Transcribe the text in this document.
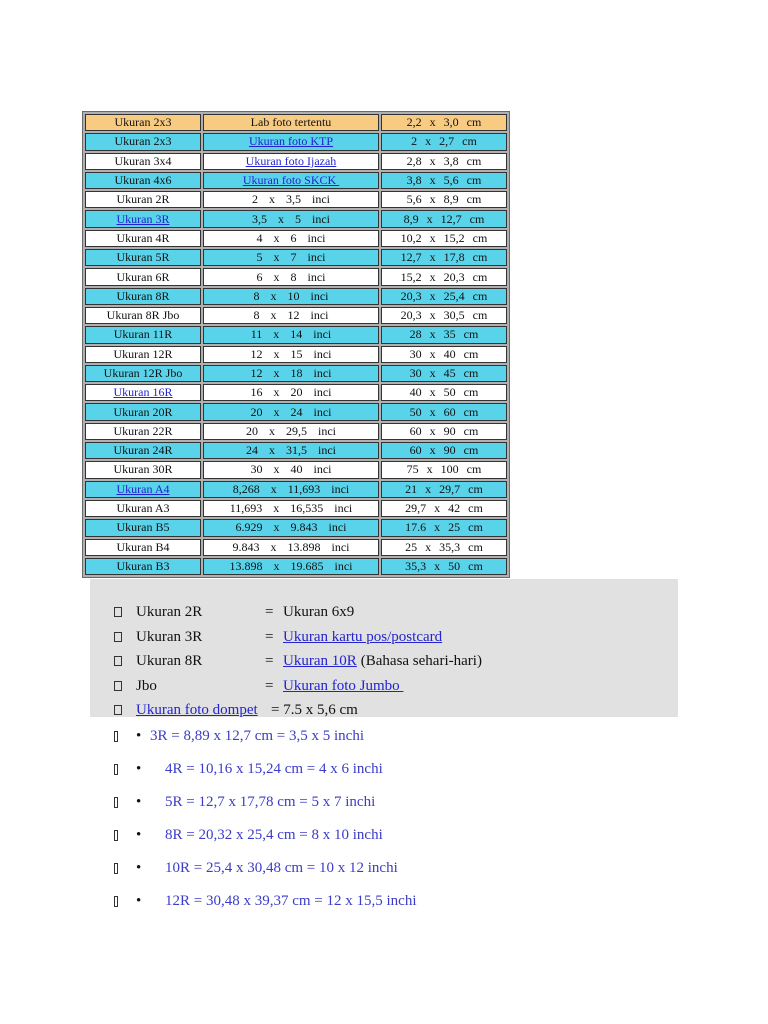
Ukuran 2x3	Lab foto tertentu	2,2 x 3,0 cm
Ukuran 2x3	Ukuran foto KTP	2 x 2,7 cm
Ukuran 3x4	Ukuran foto Ijazah	2,8 x 3,8 cm
Ukuran 4x6	Ukuran foto SKCK	3,8 x 5,6 cm
Ukuran 2R	2 x 3,5 inci	5,6 x 8,9 cm
Ukuran 3R	3,5 x 5 inci	8,9 x 12,7 cm
Ukuran 4R	4 x 6 inci	10,2 x 15,2 cm
Ukuran 5R	5 x 7 inci	12,7 x 17,8 cm
Ukuran 6R	6 x 8 inci	15,2 x 20,3 cm
Ukuran 8R	8 x 10 inci	20,3 x 25,4 cm
Ukuran 8R Jbo	8 x 12 inci	20,3 x 30,5 cm
Ukuran 11R	11 x 14 inci	28 x 35 cm
Ukuran 12R	12 x 15 inci	30 x 40 cm
Ukuran 12R Jbo	12 x 18 inci	30 x 45 cm
Ukuran 16R	16 x 20 inci	40 x 50 cm
Ukuran 20R	20 x 24 inci	50 x 60 cm
Ukuran 22R	20 x 29,5 inci	60 x 90 cm
Ukuran 24R	24 x 31,5 inci	60 x 90 cm
Ukuran 30R	30 x 40 inci	75 x 100 cm
Ukuran A4	8,268 x 11,693 inci	21 x 29,7 cm
Ukuran A3	11,693 x 16,535 inci	29,7 x 42 cm
Ukuran B5	6.929 x 9.843 inci	17.6 x 25 cm
Ukuran B4	9.843 x 13.898 inci	25 x 35,3 cm
Ukuran B3	13.898 x 19.685 inci	35,3 x 50 cm
Ukuran 2R	= Ukuran 6x9
Ukuran 3R	= Ukuran kartu pos/postcard
Ukuran 8R	= Ukuran 10R (Bahasa sehari-hari)
Jbo	= Ukuran foto Jumbo
Ukuran foto dompet = 7.5 x 5,6 cm
• 3R = 8,89 x 12,7 cm = 3,5 x 5 inchi
• 4R = 10,16 x 15,24 cm = 4 x 6 inchi
• 5R = 12,7 x 17,78 cm = 5 x 7 inchi
• 8R = 20,32 x 25,4 cm = 8 x 10 inchi
• 10R = 25,4 x 30,48 cm = 10 x 12 inchi
• 12R = 30,48 x 39,37 cm = 12 x 15,5 inchi
